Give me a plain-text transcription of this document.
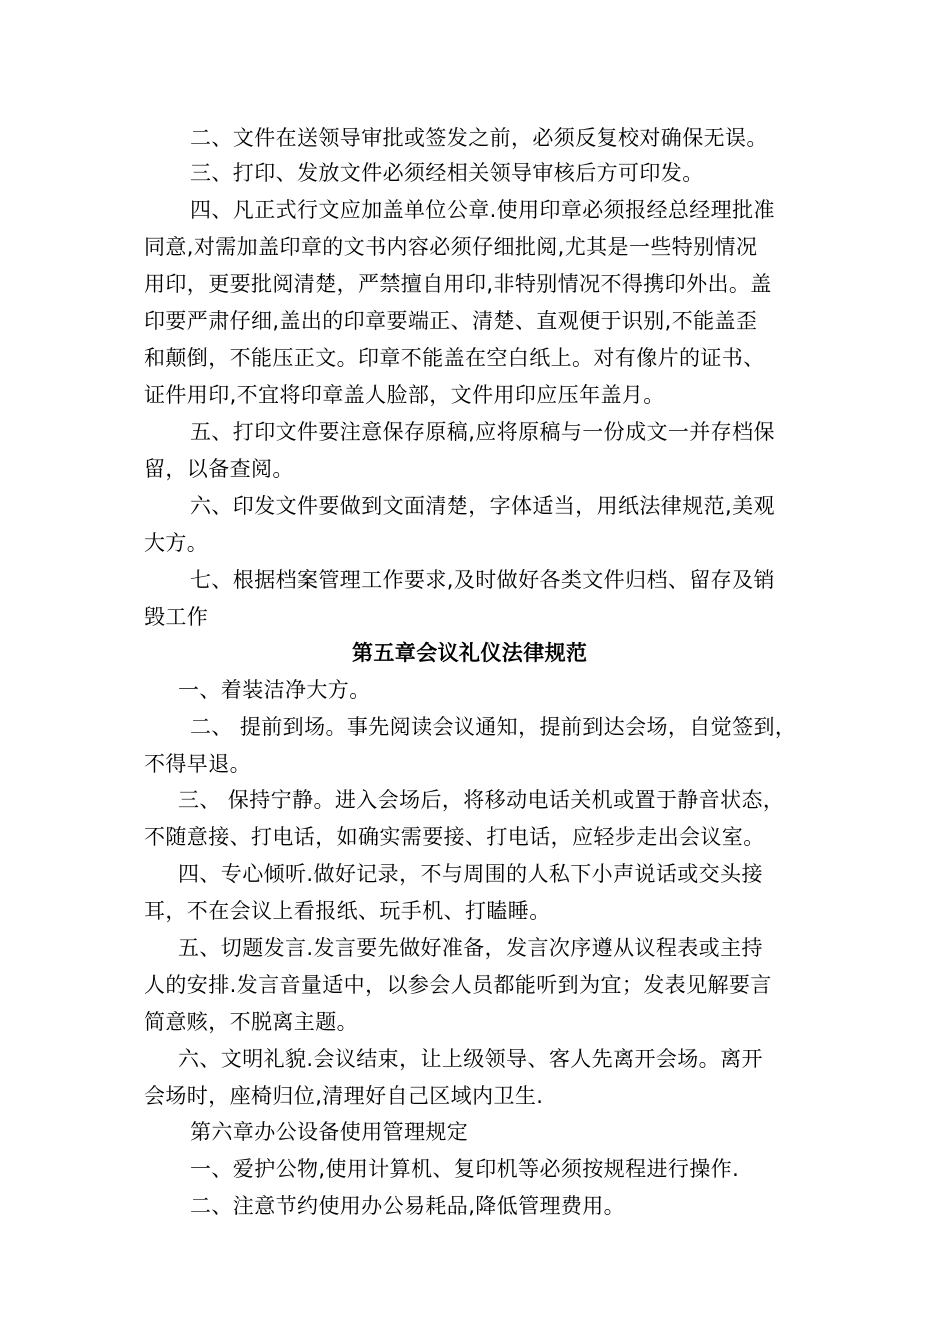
二、文件在送领导审批或签发之前，必须反复校对确保无误。
三、打印、发放文件必须经相关领导审核后方可印发。
四、凡正式行文应加盖单位公章.使用印章必须报经总经理批准
同意,对需加盖印章的文书内容必须仔细批阅,尤其是一些特别情况
用印，更要批阅清楚，严禁擅自用印,非特别情况不得携印外出。盖
印要严肃仔细,盖出的印章要端正、清楚、直观便于识别,不能盖歪
和颠倒，不能压正文。印章不能盖在空白纸上。对有像片的证书、
证件用印,不宜将印章盖人脸部，文件用印应压年盖月。
五、打印文件要注意保存原稿,应将原稿与一份成文一并存档保
留，以备查阅。
六、印发文件要做到文面清楚，字体适当，用纸法律规范,美观
大方。
七、根据档案管理工作要求,及时做好各类文件归档、留存及销
毁工作
第五章会议礼仪法律规范
一、着装洁净大方。
二、 提前到场。事先阅读会议通知，提前到达会场，自觉签到，
不得早退。
三、 保持宁静。进入会场后，将移动电话关机或置于静音状态，
不随意接、打电话，如确实需要接、打电话，应轻步走出会议室。
四、专心倾听.做好记录，不与周围的人私下小声说话或交头接
耳，不在会议上看报纸、玩手机、打瞌睡。
五、切题发言.发言要先做好准备，发言次序遵从议程表或主持
人的安排.发言音量适中，以参会人员都能听到为宜；发表见解要言
简意赅，不脱离主题。
六、文明礼貌.会议结束，让上级领导、客人先离开会场。离开
会场时，座椅归位,清理好自己区域内卫生.
第六章办公设备使用管理规定
一、爱护公物,使用计算机、复印机等必须按规程进行操作.
二、注意节约使用办公易耗品,降低管理费用。
